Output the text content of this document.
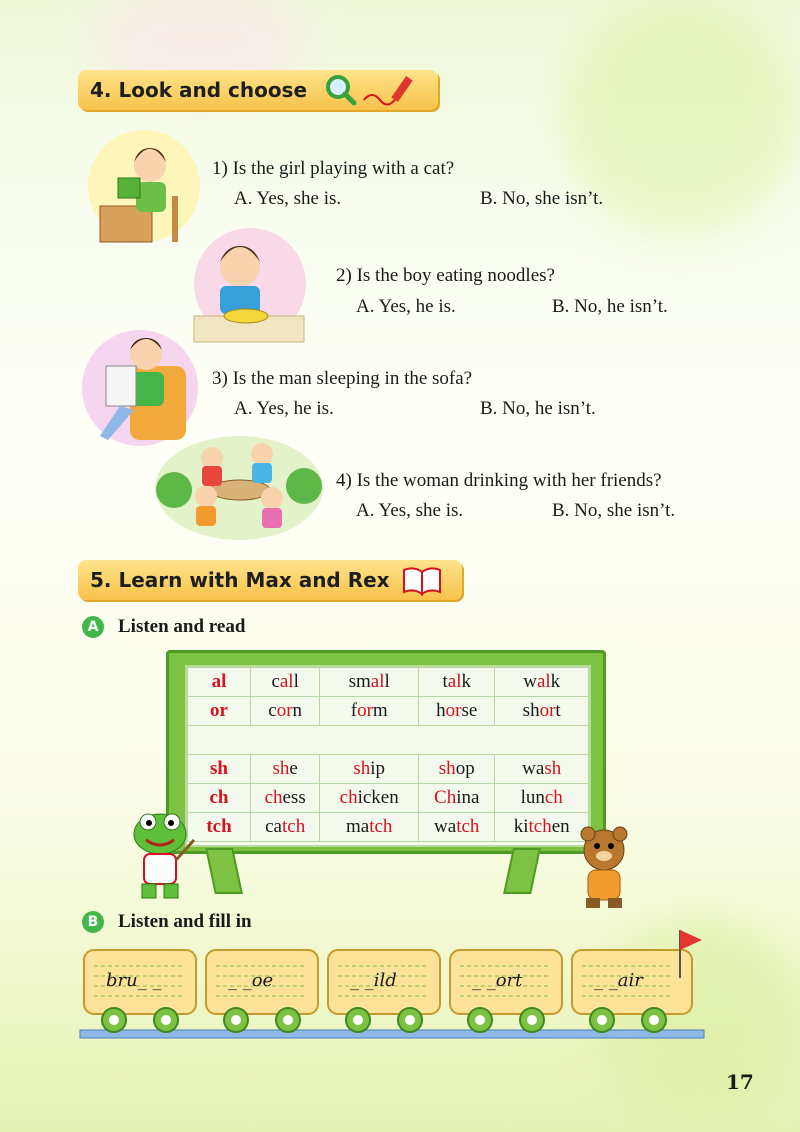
4. Look and choose
1) Is the girl playing with a cat?
A. Yes, she is.	B. No, she isn’t.
2) Is the boy eating noodles?
A. Yes, he is.	B. No, he isn’t.
3) Is the man sleeping in the sofa?
A. Yes, he is.	B. No, he isn’t.
4) Is the woman drinking with her friends?
A. Yes, she is.	B. No, she isn’t.
5. Learn with Max and Rex
A Listen and read
al	call	small	talk	walk
or	corn	form	horse	short

sh	she	ship	shop	wash
ch	chess	chicken	China	lunch
tch	catch	match	watch	kitchen
B Listen and fill in
bru_ _	_ _oe	_ _ild	_ _ort	_ _air
17
